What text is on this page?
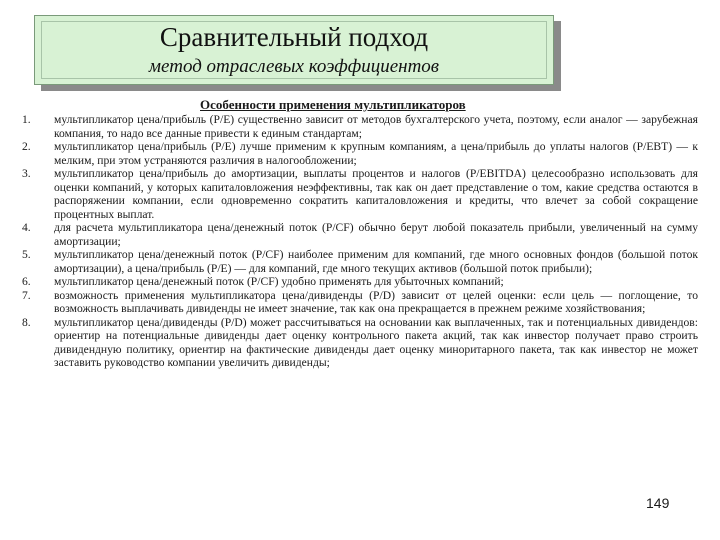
Сравнительный подход
метод отраслевых коэффициентов
Особенности применения мультипликаторов
1.	мультипликатор цена/прибыль (P/E) существенно зависит от методов бухгалтерского учета, поэтому, если аналог — зарубежная компания, то надо все данные привести к единым стандартам;
2.	мультипликатор цена/прибыль (P/E) лучше применим к крупным компаниям, а цена/прибыль до уплаты налогов (P/EBT) — к мелким, при этом устраняются различия в налогообложении;
3.	мультипликатор цена/прибыль до амортизации, выплаты процентов и налогов (P/EBITDA) целесообразно использовать для оценки компаний, у которых капиталовложения неэффективны, так как он дает представление о том, какие средства остаются в распоряжении компании, если одновременно сократить капиталовложения и кредиты, что влечет за собой сокращение процентных выплат.
4.	для расчета мультипликатора цена/денежный поток (P/CF) обычно берут любой показатель прибыли, увеличенный на сумму амортизации;
5.	мультипликатор цена/денежный поток (P/CF) наиболее применим для компаний, где много основных фондов (большой поток амортизации), а цена/прибыль (P/E) — для компаний, где много текущих активов (большой поток прибыли);
6.	мультипликатор цена/денежный поток (P/CF) удобно применять для убыточных компаний;
7.	возможность применения мультипликатора цена/дивиденды (P/D) зависит от целей оценки: если цель — поглощение, то возможность выплачивать дивиденды не имеет значение, так как она прекращается в прежнем режиме хозяйствования;
8.	мультипликатор цена/дивиденды (P/D) может рассчитываться на основании как выплаченных, так и потенциальных дивидендов: ориентир на потенциальные дивиденды дает оценку контрольного пакета акций, так как инвестор получает право строить дивидендную политику, ориентир на фактические дивиденды дает оценку миноритарного пакета, так как инвестор не может заставить руководство компании увеличить дивиденды;
149
